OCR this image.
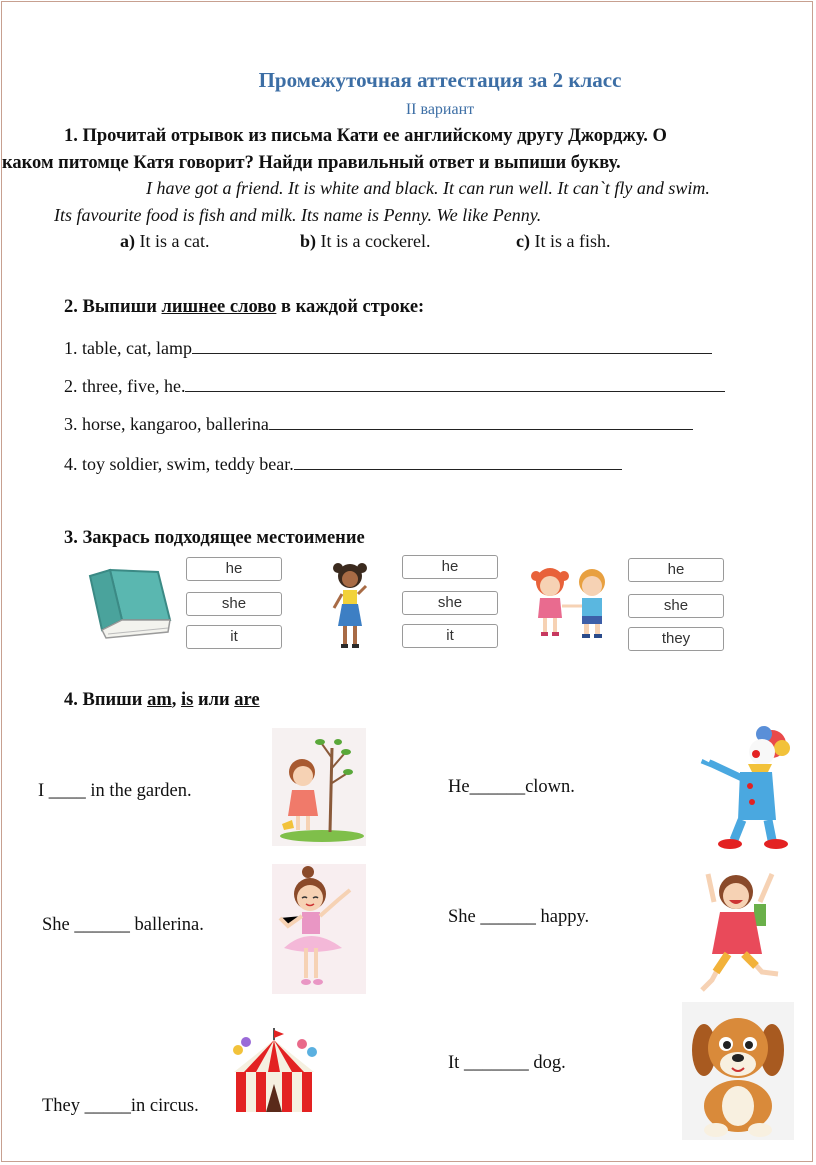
Промежуточная аттестация за 2 класс
II вариант
1. Прочитай отрывок из письма Кати ее английскому другу Джорджу. О
каком питомце Катя говорит? Найди правильный ответ и выпиши букву.
I have got a friend. It is white and black. It can run well. It can`t fly and swim.
Its favourite food is fish and milk. Its name is Penny. We like Penny.
a) It is a cat.	b) It is a cockerel.	c) It is a fish.
2. Выпиши лишнее слово в каждой строке:
1. table, cat, lamp
2. three, five, he.
3. horse, kangaroo, ballerina
4. toy soldier, swim, teddy bear.
3. Закрась подходящее местоимение
he
she
it
he
she
it
he
she
they
4. Впиши am, is или are
I ____ in the garden.	He______clown.
She ______ ballerina.	She ______ happy.
They _____in circus.
It _______ dog.
